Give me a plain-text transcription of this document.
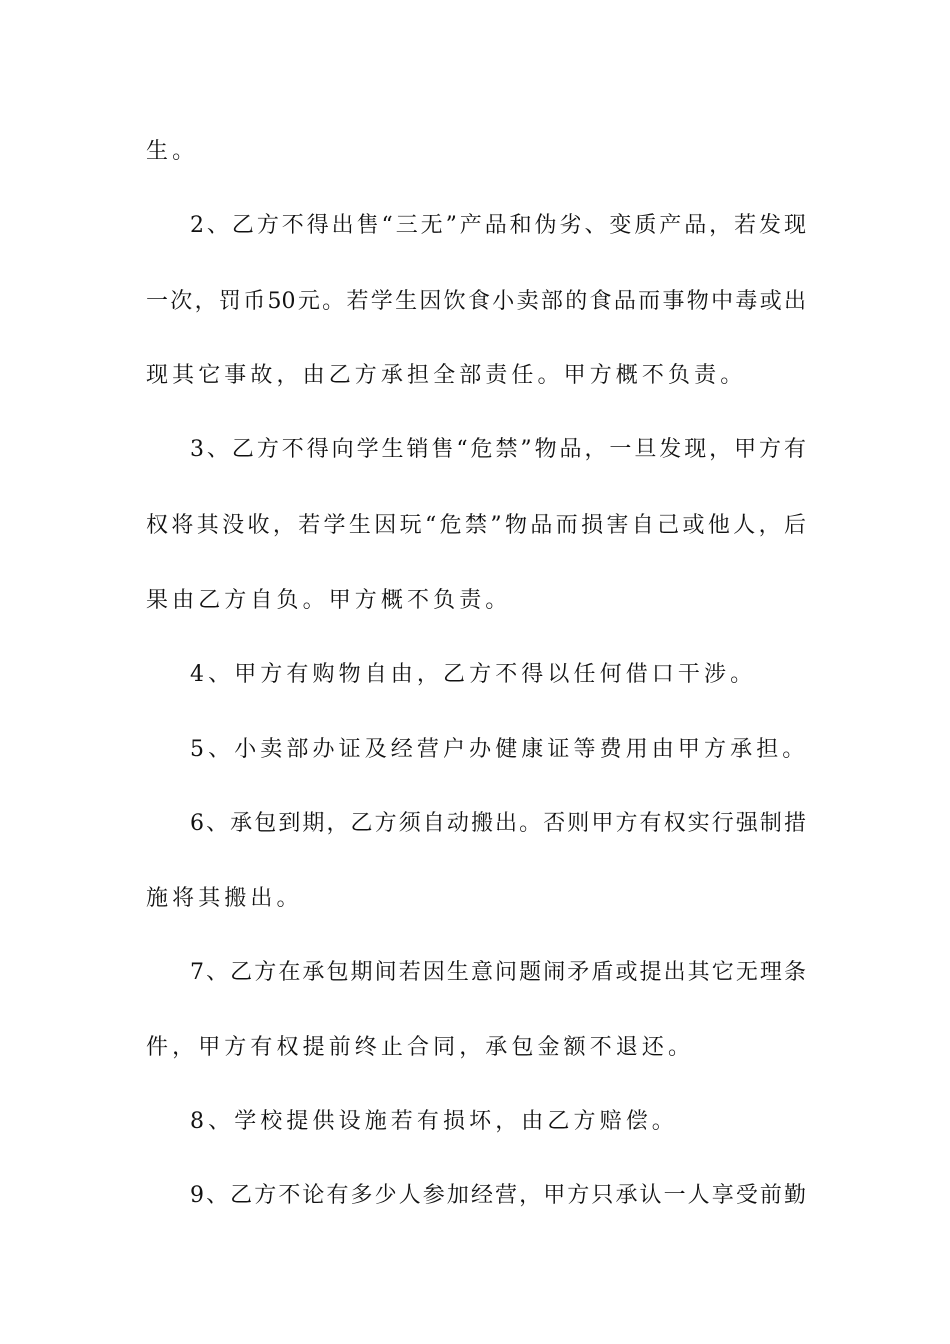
生。
2、乙方不得出售“三无”产品和伪劣、变质产品，若发现
一次，罚币50元。若学生因饮食小卖部的食品而事物中毒或出
现其它事故，由乙方承担全部责任。甲方概不负责。
3、乙方不得向学生销售“危禁”物品，一旦发现，甲方有
权将其没收，若学生因玩“危禁”物品而损害自己或他人，后
果由乙方自负。甲方概不负责。
4、甲方有购物自由，乙方不得以任何借口干涉。
5、小卖部办证及经营户办健康证等费用由甲方承担。
6、承包到期，乙方须自动搬出。否则甲方有权实行强制措
施将其搬出。
7、乙方在承包期间若因生意问题闹矛盾或提出其它无理条
件，甲方有权提前终止合同，承包金额不退还。
8、学校提供设施若有损坏，由乙方赔偿。
9、乙方不论有多少人参加经营，甲方只承认一人享受前勤
